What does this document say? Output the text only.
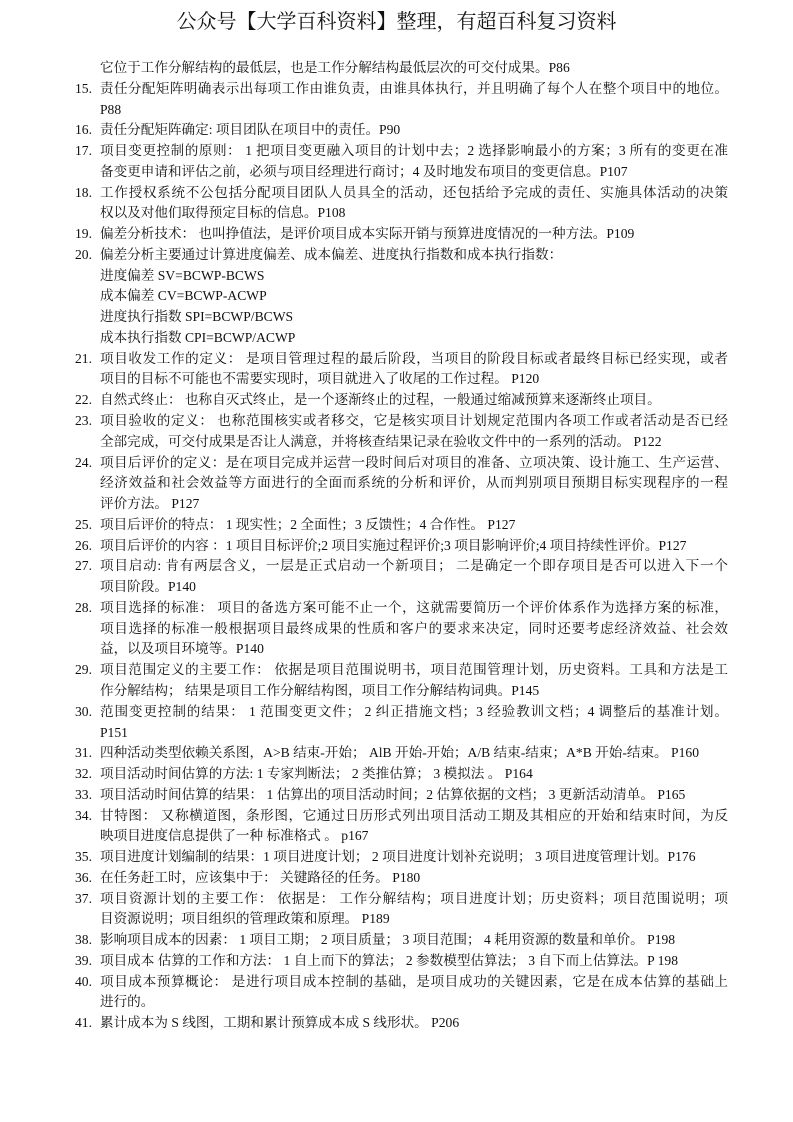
公众号【大学百科资料】整理，有超百科复习资料
它位于工作分解结构的最低层，也是工作分解结构最低层次的可交付成果。P86
15. 责任分配矩阵明确表示出每项工作由谁负责，由谁具体执行，并且明确了每个人在整个项目中的地位。
P88
16. 责任分配矩阵确定: 项目团队在项目中的责任。P90
17. 项目变更控制的原则： 1 把项目变更融入项目的计划中去；2 选择影响最小的方案；3 所有的变更在准
备变更申请和评估之前，必须与项目经理进行商讨；4 及时地发布项目的变更信息。P107
18. 工作授权系统不公包括分配项目团队人员具全的活动，还包括给予完成的责任、实施具体活动的决策
权以及对他们取得预定目标的信息。P108
19. 偏差分析技术： 也叫挣值法，是评价项目成本实际开销与预算进度情况的一种方法。P109
20. 偏差分析主要通过计算进度偏差、成本偏差、进度执行指数和成本执行指数：
进度偏差 SV=BCWP-BCWS
成本偏差 CV=BCWP-ACWP
进度执行指数 SPI=BCWP/BCWS
成本执行指数 CPI=BCWP/ACWP
21. 项目收发工作的定义： 是项目管理过程的最后阶段，当项目的阶段目标或者最终目标已经实现，或者
项目的目标不可能也不需要实现时，项目就进入了收尾的工作过程。 P120
22. 自然式终止： 也称自灭式终止，是一个逐渐终止的过程，一般通过缩减预算来逐渐终止项目。
23. 项目验收的定义： 也称范围核实或者移交，它是核实项目计划规定范围内各项工作或者活动是否已经
全部完成，可交付成果是否让人满意，并将核查结果记录在验收文件中的一系列的活动。 P122
24. 项目后评价的定义：是在项目完成并运营一段时间后对项目的准备、立项决策、设计施工、生产运营、
经济效益和社会效益等方面进行的全面而系统的分析和评价，从而判别项目预期目标实现程序的一程
评价方法。 P127
25. 项目后评价的特点： 1 现实性；2 全面性；3 反馈性；4 合作性。 P127
26. 项目后评价的内容 ：1 项目目标评价;2 项目实施过程评价;3 项目影响评价;4 项目持续性评价。P127
27. 项目启动: 肯有两层含义，一层是正式启动一个新项目； 二是确定一个即存项目是否可以进入下一个
项目阶段。P140
28. 项目选择的标准： 项目的备选方案可能不止一个，这就需要简历一个评价体系作为选择方案的标准，
项目选择的标准一般根据项目最终成果的性质和客户的要求来决定，同时还要考虑经济效益、社会效
益，以及项目环境等。P140
29. 项目范围定义的主要工作： 依据是项目范围说明书，项目范围管理计划，历史资料。工具和方法是工
作分解结构； 结果是项目工作分解结构图，项目工作分解结构词典。P145
30. 范围变更控制的结果： 1 范围变更文件； 2 纠正措施文档；3 经验教训文档；4 调整后的基准计划。
P151
31. 四种活动类型依赖关系图，A>B 结束-开始； AlB 开始-开始；A/B 结束-结束；A*B 开始-结束。 P160
32. 项目活动时间估算的方法: 1 专家判断法； 2 类推估算； 3 模拟法 。 P164
33. 项目活动时间估算的结果： 1 估算出的项目活动时间；2 估算依据的文档； 3 更新活动清单。 P165
34. 甘特图： 又称横道图，条形图，它通过日历形式列出项目活动工期及其相应的开始和结束时间，为反
映项目进度信息提供了一种 标准格式 。 p167
35. 项目进度计划编制的结果：1 项目进度计划； 2 项目进度计划补充说明； 3 项目进度管理计划。P176
36. 在任务赶工时，应该集中于： 关键路径的任务。 P180
37. 项目资源计划的主要工作： 依据是： 工作分解结构；项目进度计划；历史资料；项目范围说明；项
目资源说明；项目组织的管理政策和原理。 P189
38. 影响项目成本的因素： 1 项目工期； 2 项目质量； 3 项目范围； 4 耗用资源的数量和单价。 P198
39. 项目成本 估算的工作和方法： 1 自上而下的算法； 2 参数模型估算法； 3 自下而上估算法。P 198
40. 项目成本预算概论： 是进行项目成本控制的基础，是项目成功的关键因素，它是在成本估算的基础上
进行的。
41. 累计成本为 S 线图，工期和累计预算成本成 S 线形状。 P206
